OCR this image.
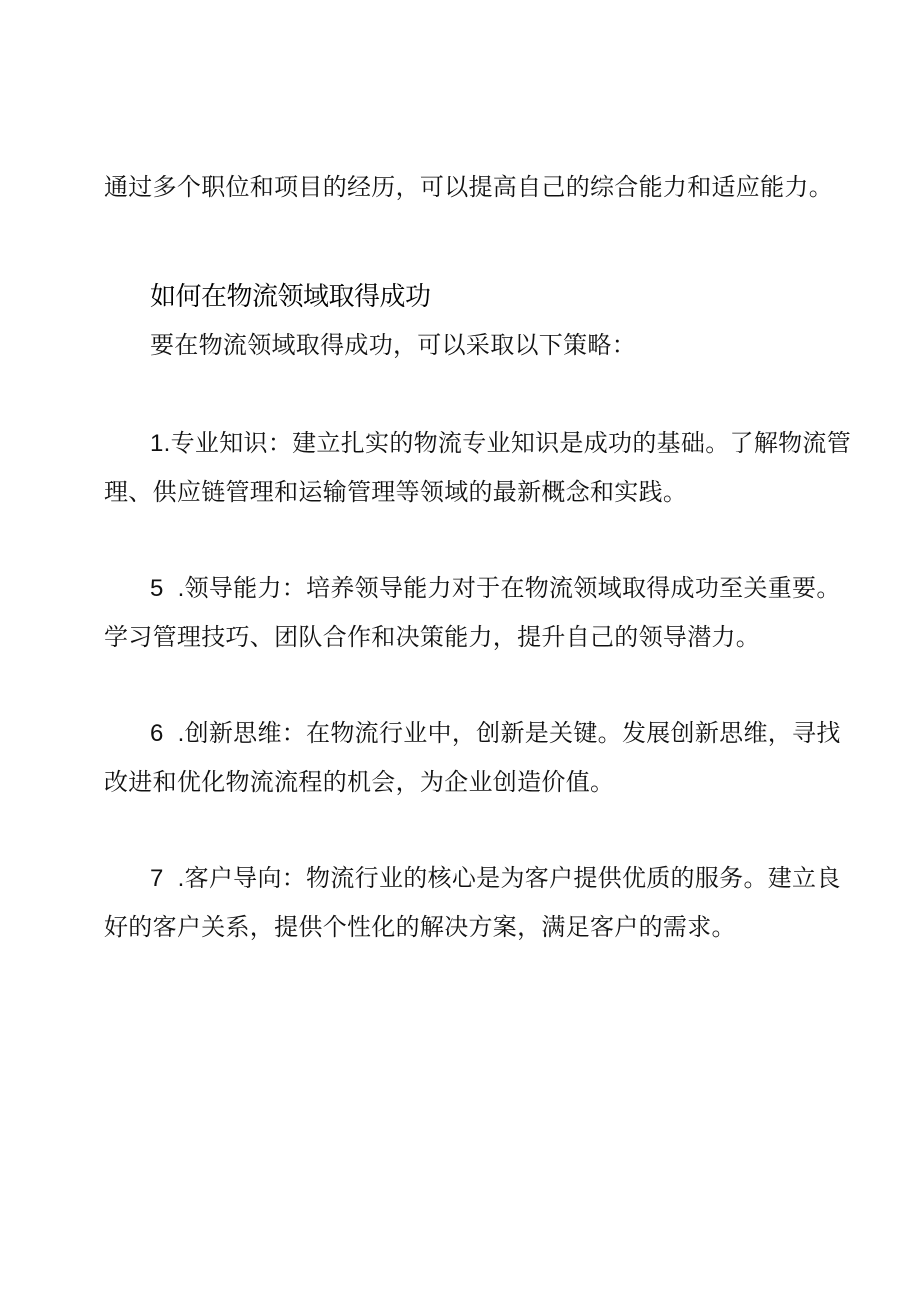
通过多个职位和项目的经历，可以提高自己的综合能力和适应能力。
如何在物流领域取得成功
要在物流领域取得成功，可以采取以下策略：
1.专业知识：建立扎实的物流专业知识是成功的基础。了解物流管
理、供应链管理和运输管理等领域的最新概念和实践。
5  .领导能力：培养领导能力对于在物流领域取得成功至关重要。
学习管理技巧、团队合作和决策能力，提升自己的领导潜力。
6  .创新思维：在物流行业中，创新是关键。发展创新思维，寻找
改进和优化物流流程的机会，为企业创造价值。
7  .客户导向：物流行业的核心是为客户提供优质的服务。建立良
好的客户关系，提供个性化的解决方案，满足客户的需求。
